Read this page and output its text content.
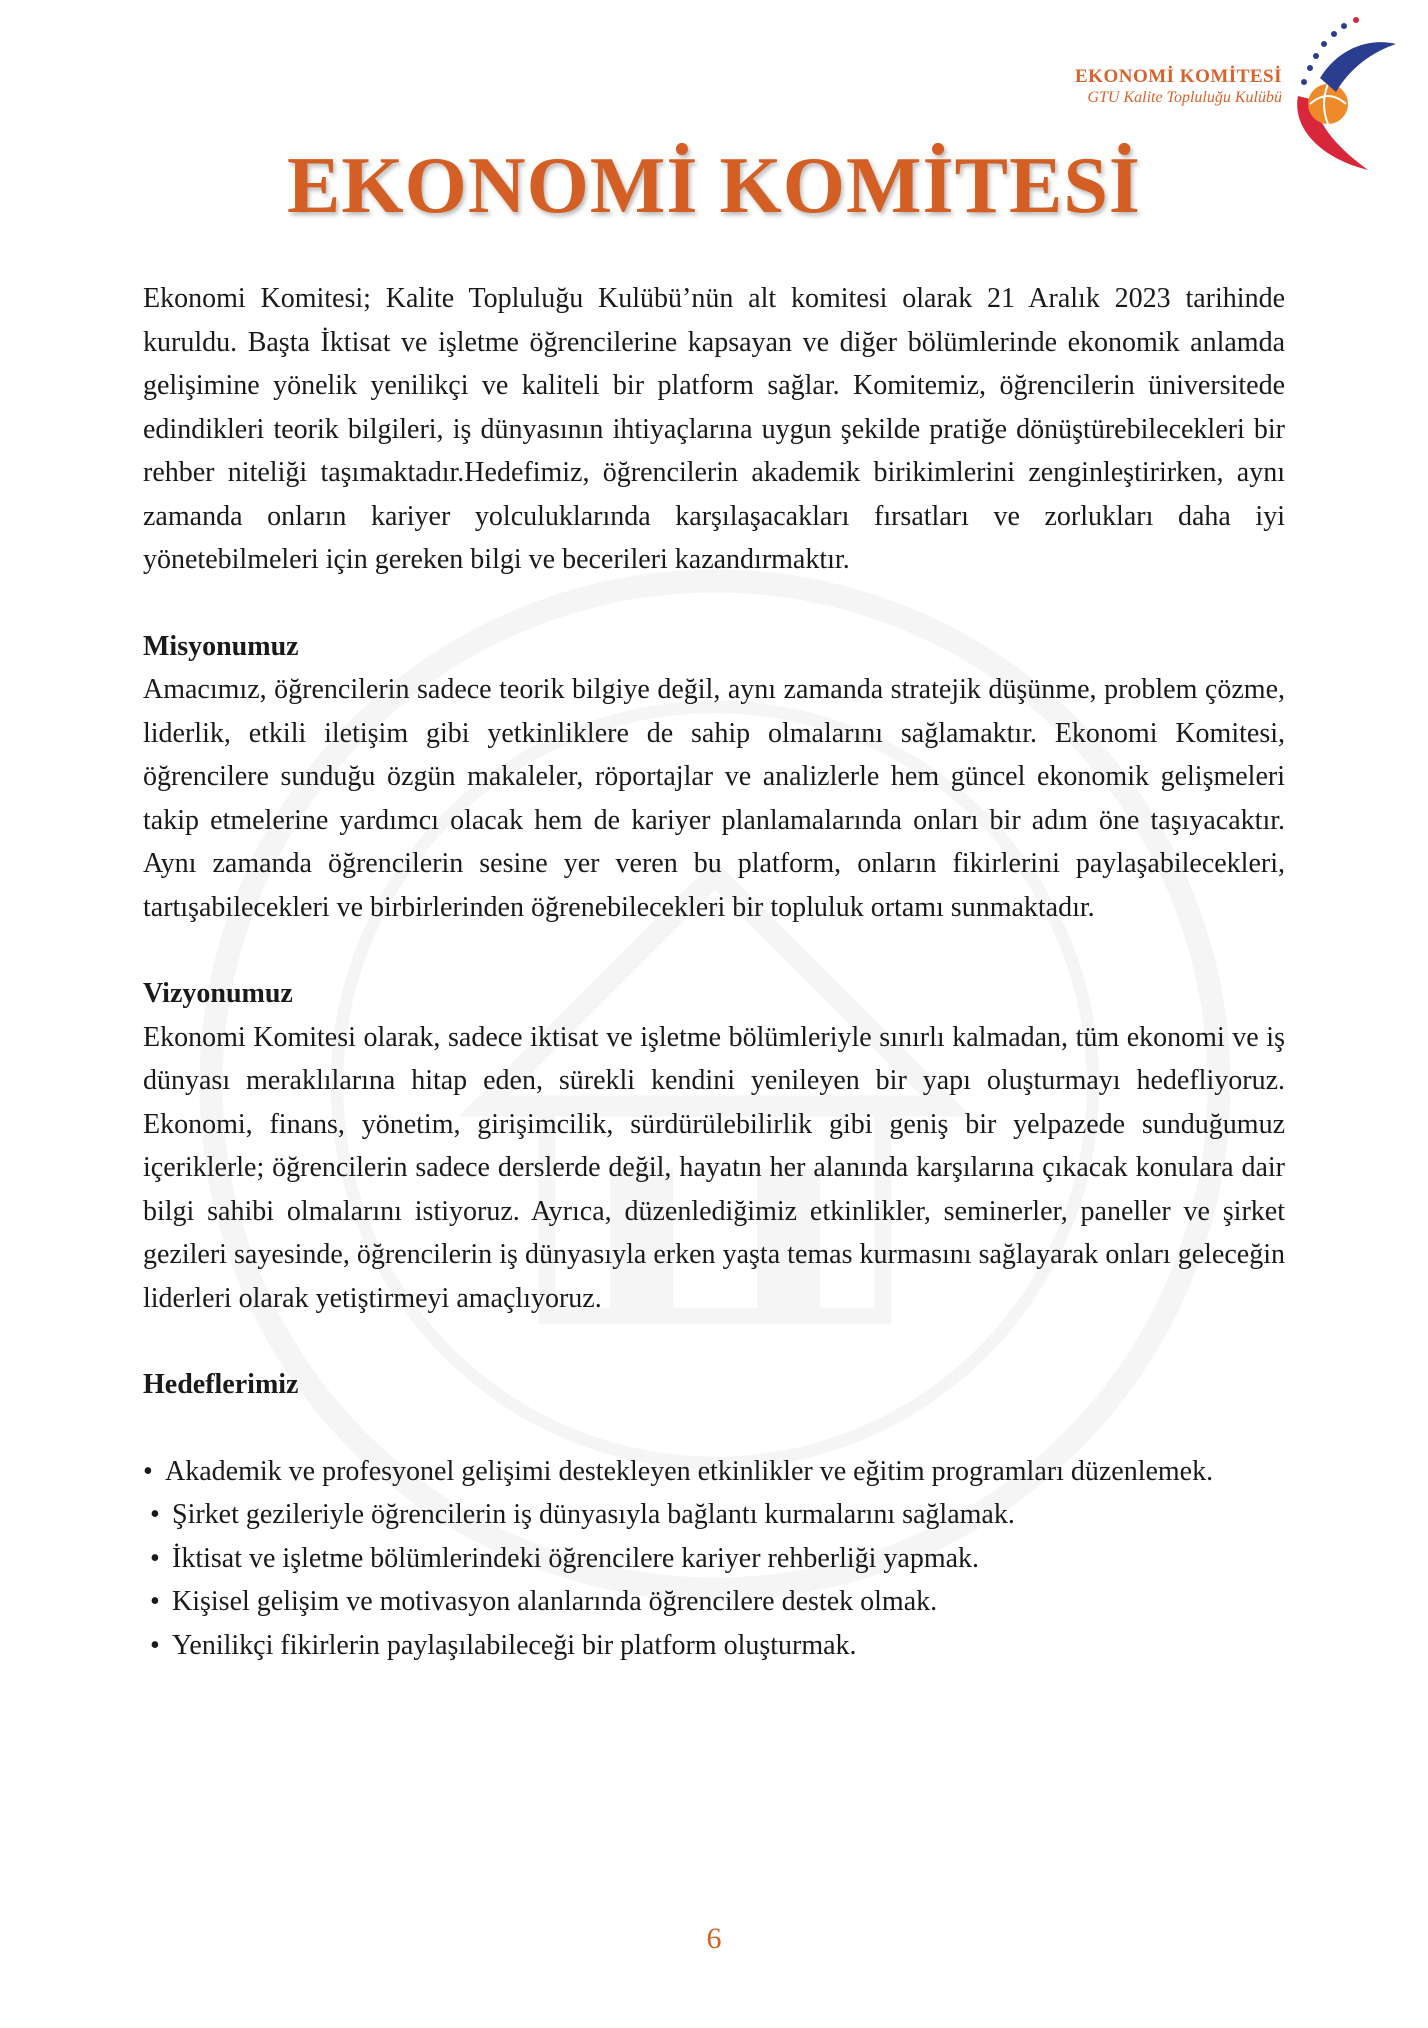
EKONOMİ KOMİTESİ
GTU Kalite Topluluğu Kulübü
EKONOMİ KOMİTESİ

Ekonomi Komitesi; Kalite Topluluğu Kulübü’nün alt komitesi olarak 21 Aralık 2023 tarihinde kuruldu. Başta İktisat ve işletme öğrencilerine kapsayan ve diğer bölümlerinde ekonomik anlamda gelişimine yönelik yenilikçi ve kaliteli bir platform sağlar. Komitemiz, öğrencilerin üniversitede edindikleri teorik bilgileri, iş dünyasının ihtiyaçlarına uygun şekilde pratiğe dönüştürebilecekleri bir rehber niteliği taşımaktadır.Hedefimiz, öğrencilerin akademik birikimlerini zenginleştirirken, aynı zamanda onların kariyer yolculuklarında karşılaşacakları fırsatları ve zorlukları daha iyi yönetebilmeleri için gereken bilgi ve becerileri kazandırmaktır.

Misyonumuz

Amacımız, öğrencilerin sadece teorik bilgiye değil, aynı zamanda stratejik düşünme, problem çözme, liderlik, etkili iletişim gibi yetkinliklere de sahip olmalarını sağlamaktır. Ekonomi Komitesi, öğrencilere sunduğu özgün makaleler, röportajlar ve analizlerle hem güncel ekonomik gelişmeleri takip etmelerine yardımcı olacak hem de kariyer planlamalarında onları bir adım öne taşıyacaktır. Aynı zamanda öğrencilerin sesine yer veren bu platform, onların fikirlerini paylaşabilecekleri, tartışabilecekleri ve birbirlerinden öğrenebilecekleri bir topluluk ortamı sunmaktadır.

Vizyonumuz

Ekonomi Komitesi olarak, sadece iktisat ve işletme bölümleriyle sınırlı kalmadan, tüm ekonomi ve iş dünyası meraklılarına hitap eden, sürekli kendini yenileyen bir yapı oluşturmayı hedefliyoruz. Ekonomi, finans, yönetim, girişimcilik, sürdürülebilirlik gibi geniş bir yelpazede sunduğumuz içeriklerle; öğrencilerin sadece derslerde değil, hayatın her alanında karşılarına çıkacak konulara dair bilgi sahibi olmalarını istiyoruz. Ayrıca, düzenlediğimiz etkinlikler, seminerler, paneller ve şirket gezileri sayesinde, öğrencilerin iş dünyasıyla erken yaşta temas kurmasını sağlayarak onları geleceğin liderleri olarak yetiştirmeyi amaçlıyoruz.

Hedeflerimiz
• Akademik ve profesyonel gelişimi destekleyen etkinlikler ve eğitim programları düzenlemek.
• Şirket gezileriyle öğrencilerin iş dünyasıyla bağlantı kurmalarını sağlamak.
• İktisat ve işletme bölümlerindeki öğrencilere kariyer rehberliği yapmak.
• Kişisel gelişim ve motivasyon alanlarında öğrencilere destek olmak.
• Yenilikçi fikirlerin paylaşılabileceği bir platform oluşturmak.
6
